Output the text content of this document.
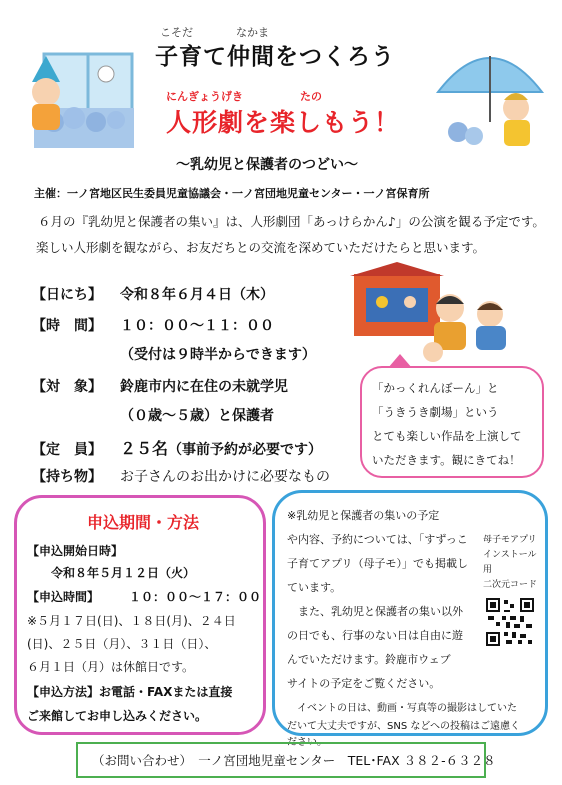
こそだ	なかま
子育て仲間をつくろう
にんぎょうげき	たの
人形劇を楽しもう！
～乳幼児と保護者のつどい～
主催：一ノ宮地区民生委員児童協議会・一ノ宮団地児童センター・一ノ宮保育所
６月の『乳幼児と保護者の集い』は、人形劇団「あっけらかん♪」の公演を観る予定です。
楽しい人形劇を観ながら、お友だちとの交流を深めていただけたらと思います。
【日にち】 令和８年６月４日（木）
【時　間】 １０：００～１１：００
（受付は９時半からできます）
【対　象】 鈴鹿市内に在住の未就学児
（０歳～５歳）と保護者
【定　員】 ２５名（事前予約が必要です）
【持ち物】 お子さんのお出かけに必要なもの
「かっくれんぼーん」と
「うきうき劇場」という
とても楽しい作品を上演して
いただきます。観にきてね！
申込期間・方法
【申込開始日時】
令和８年５月１２日（火）
【申込時間】 １０：００～１７：００
※５月１７日(日)、１８日(月)、２４日
(日)、２５日（月）、３１日（日）、
６月１日（月）は休館日です。
【申込方法】お電話・FAXまたは直接
ご来館してお申し込みください。
※乳幼児と保護者の集いの予定
や内容、予約については、「すずっこ
子育てアプリ（母子モ）」でも掲載し
ています。
　また、乳幼児と保護者の集い以外
の日でも、行事のない日は自由に遊
んでいただけます。鈴鹿市ウェブ
サイトの予定をご覧ください。
　イベントの日は、動画・写真等の撮影はしていた
だいて大丈夫ですが、SNS などへの投稿はご遠慮く
ださい。
母子モアプリ
インストール用
二次元コード
（お問い合わせ）　一ノ宮団地児童センター　TEL･FAX ３８２-６３２８
